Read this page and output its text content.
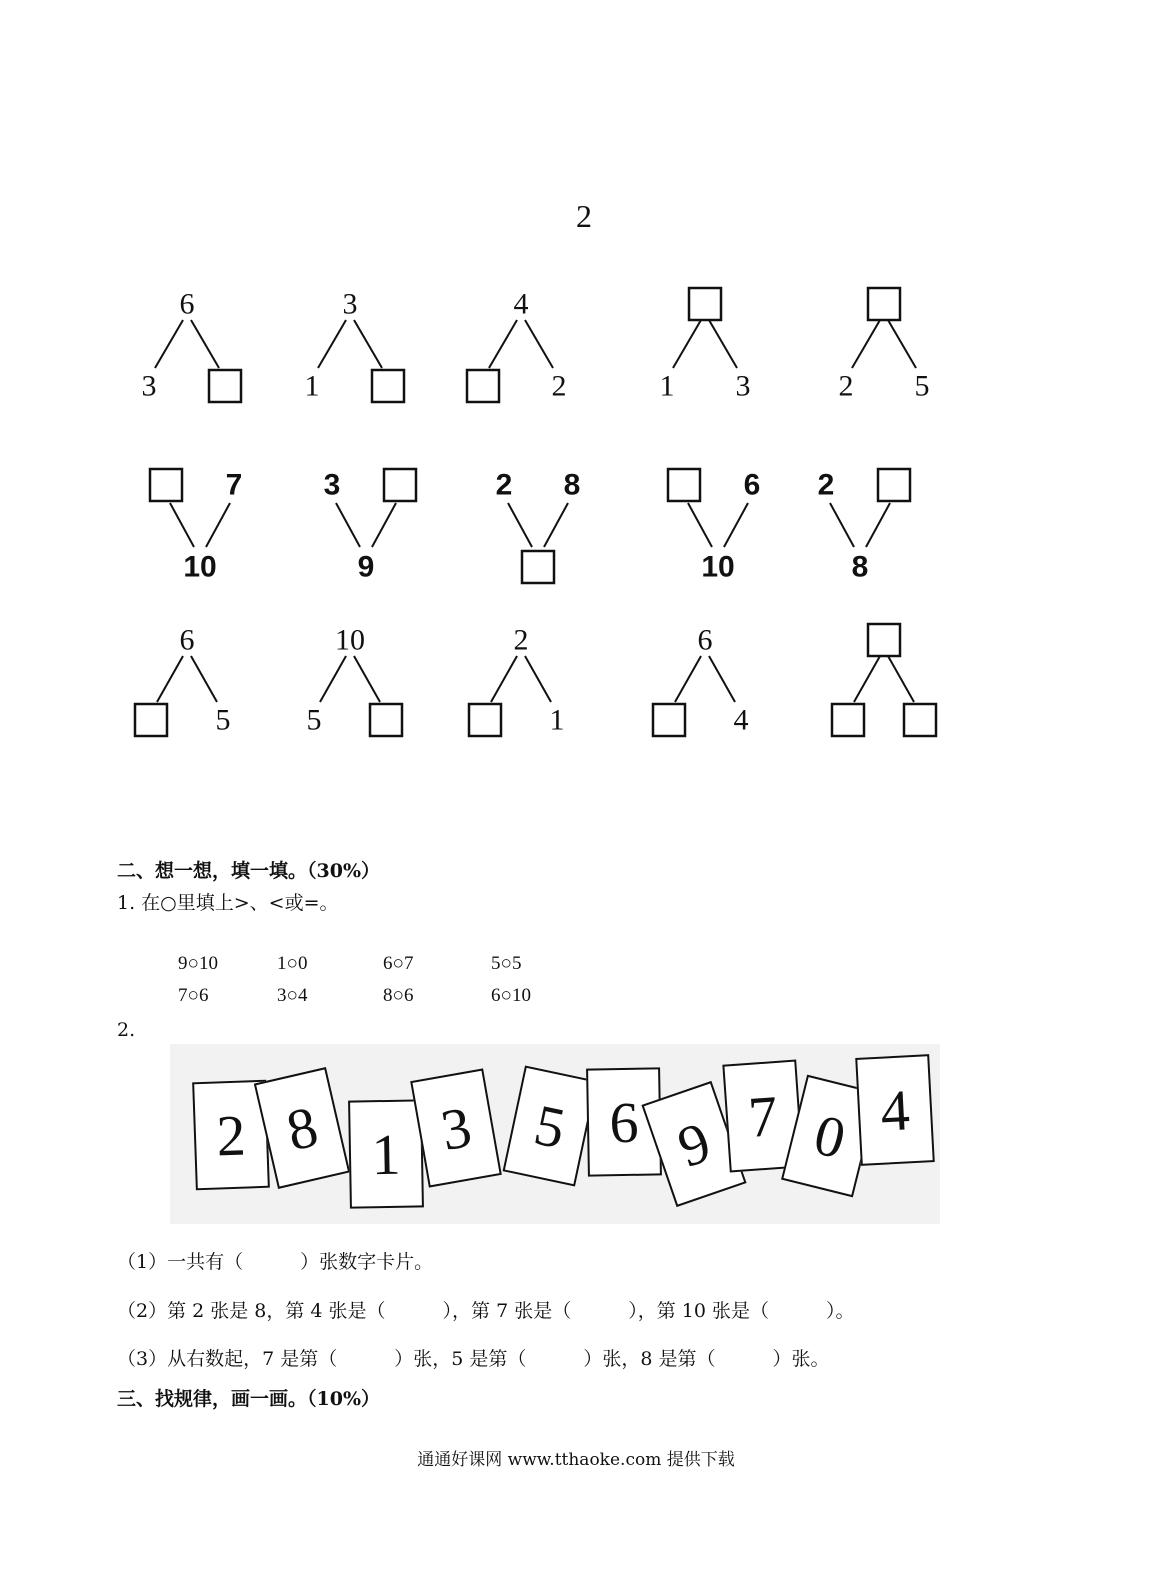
2
6
3
3
1
4
2	1 3	2 5
6
5
10
5
2
1
6
4
7
10
3
9
2 8	6
10
2
8
二、想一想，填一填。（30%）
1. 在○里填上>、<或=。
9○10	1○0	6○7	5○5
7○6	3○4	8○6	6○10
2.
2 8 1 3 5 6 9 7 0 4
（1）一共有（　　　）张数字卡片。
（2）第 2 张是 8，第 4 张是（　　　），第 7 张是（　　　），第 10 张是（　　　）。
（3）从右数起，7 是第（　　　）张，5 是第（　　　）张，8 是第（　　　）张。
三、找规律，画一画。（10%）
通通好课网 www.tthaoke.com 提供下载
